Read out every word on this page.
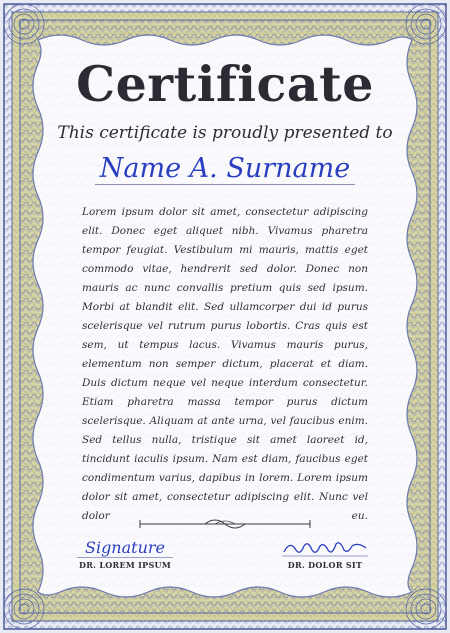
Certificate
This certificate is proudly presented to
Name A. Surname

Lorem ipsum dolor sit amet, consectetur adipiscing elit. Donec eget aliquet nibh. Vivamus pharetra tempor feugiat. Vestibulum mi mauris, mattis eget commodo vitae, hendrerit sed dolor. Donec non mauris ac nunc convallis pretium quis sed ipsum. Morbi at blandit elit. Sed ullamcorper dui id purus scelerisque vel rutrum purus lobortis. Cras quis est sem, ut tempus lacus. Vivamus mauris purus, elementum non semper dictum, placerat et diam. Duis dictum neque vel neque interdum consectetur. Etiam pharetra massa tempor purus dictum scelerisque. Aliquam at ante urna, vel faucibus enim. Sed tellus nulla, tristique sit amet laoreet id, tincidunt iaculis ipsum. Nam est diam, faucibus eget condimentum varius, dapibus in lorem. Lorem ipsum dolor sit amet, consectetur adipiscing elit. Nunc vel dolor eu.

Signature
DR. LOREM IPSUM	DR. DOLOR SIT
